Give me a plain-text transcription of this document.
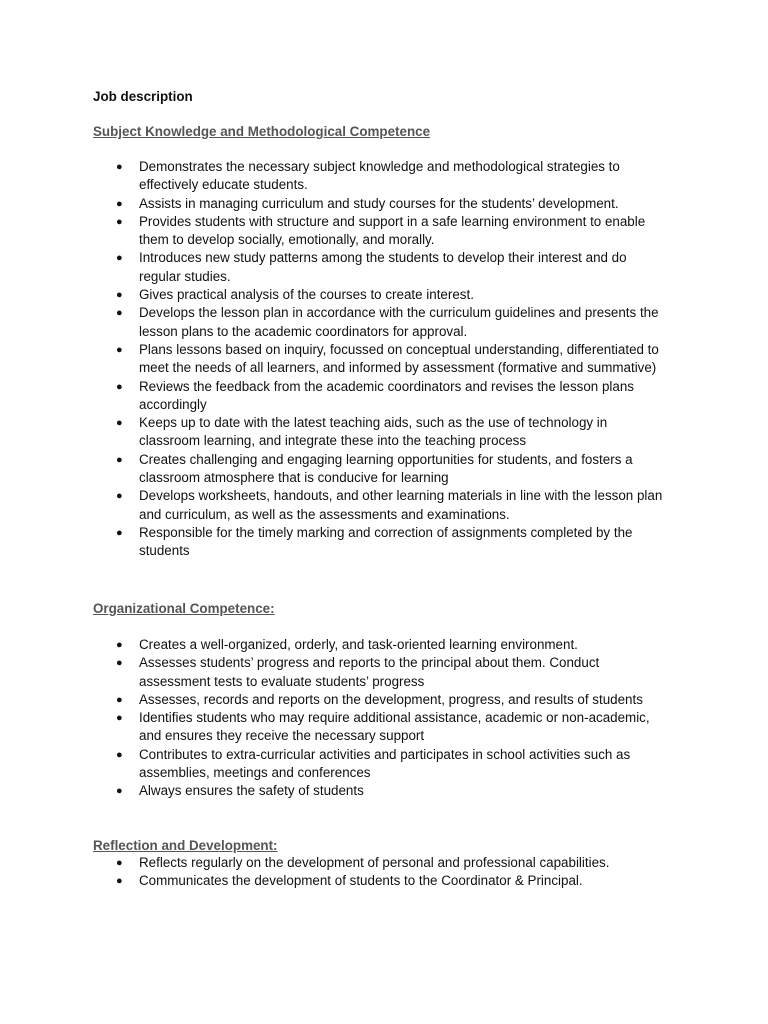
Job description
Subject Knowledge and Methodological Competence
● Demonstrates the necessary subject knowledge and methodological strategies to effectively educate students.
● Assists in managing curriculum and study courses for the students’ development.
● Provides students with structure and support in a safe learning environment to enable them to develop socially, emotionally, and morally.
● Introduces new study patterns among the students to develop their interest and do regular studies.
● Gives practical analysis of the courses to create interest.
● Develops the lesson plan in accordance with the curriculum guidelines and presents the lesson plans to the academic coordinators for approval.
● Plans lessons based on inquiry, focussed on conceptual understanding, differentiated to meet the needs of all learners, and informed by assessment (formative and summative)
● Reviews the feedback from the academic coordinators and revises the lesson plans accordingly
● Keeps up to date with the latest teaching aids, such as the use of technology in classroom learning, and integrate these into the teaching process
● Creates challenging and engaging learning opportunities for students, and fosters a classroom atmosphere that is conducive for learning
● Develops worksheets, handouts, and other learning materials in line with the lesson plan and curriculum, as well as the assessments and examinations.
● Responsible for the timely marking and correction of assignments completed by the students
Organizational Competence:
● Creates a well-organized, orderly, and task-oriented learning environment.
● Assesses students’ progress and reports to the principal about them. Conduct assessment tests to evaluate students’ progress
● Assesses, records and reports on the development, progress, and results of students
● Identifies students who may require additional assistance, academic or non-academic, and ensures they receive the necessary support
● Contributes to extra-curricular activities and participates in school activities such as assemblies, meetings and conferences
● Always ensures the safety of students
Reflection and Development:
● Reflects regularly on the development of personal and professional capabilities.
● Communicates the development of students to the Coordinator & Principal.
